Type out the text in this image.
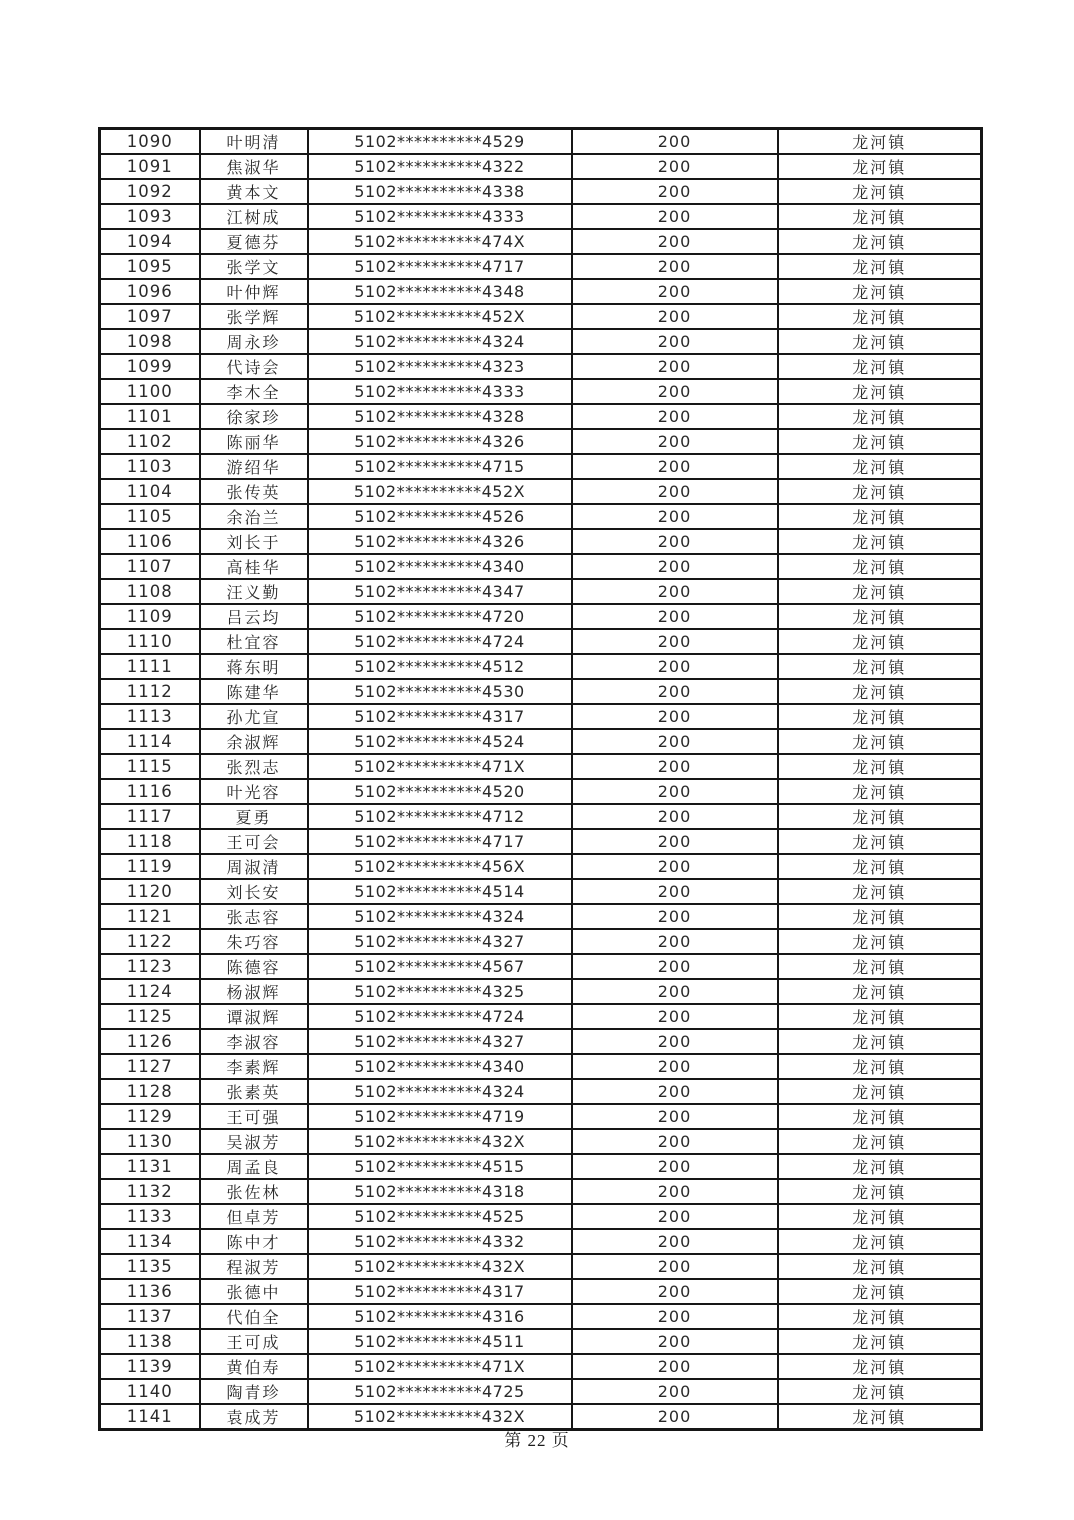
1090	叶明清	5102**********4529	200	龙河镇
1091	焦淑华	5102**********4322	200	龙河镇
1092	黄本文	5102**********4338	200	龙河镇
1093	江树成	5102**********4333	200	龙河镇
1094	夏德芬	5102**********474X	200	龙河镇
1095	张学文	5102**********4717	200	龙河镇
1096	叶仲辉	5102**********4348	200	龙河镇
1097	张学辉	5102**********452X	200	龙河镇
1098	周永珍	5102**********4324	200	龙河镇
1099	代诗会	5102**********4323	200	龙河镇
1100	李木全	5102**********4333	200	龙河镇
1101	徐家珍	5102**********4328	200	龙河镇
1102	陈丽华	5102**********4326	200	龙河镇
1103	游绍华	5102**********4715	200	龙河镇
1104	张传英	5102**********452X	200	龙河镇
1105	余治兰	5102**********4526	200	龙河镇
1106	刘长于	5102**********4326	200	龙河镇
1107	高桂华	5102**********4340	200	龙河镇
1108	汪义勤	5102**********4347	200	龙河镇
1109	吕云均	5102**********4720	200	龙河镇
1110	杜宜容	5102**********4724	200	龙河镇
1111	蒋东明	5102**********4512	200	龙河镇
1112	陈建华	5102**********4530	200	龙河镇
1113	孙尤宣	5102**********4317	200	龙河镇
1114	余淑辉	5102**********4524	200	龙河镇
1115	张烈志	5102**********471X	200	龙河镇
1116	叶光容	5102**********4520	200	龙河镇
1117	夏勇	5102**********4712	200	龙河镇
1118	王可会	5102**********4717	200	龙河镇
1119	周淑清	5102**********456X	200	龙河镇
1120	刘长安	5102**********4514	200	龙河镇
1121	张志容	5102**********4324	200	龙河镇
1122	朱巧容	5102**********4327	200	龙河镇
1123	陈德容	5102**********4567	200	龙河镇
1124	杨淑辉	5102**********4325	200	龙河镇
1125	谭淑辉	5102**********4724	200	龙河镇
1126	李淑容	5102**********4327	200	龙河镇
1127	李素辉	5102**********4340	200	龙河镇
1128	张素英	5102**********4324	200	龙河镇
1129	王可强	5102**********4719	200	龙河镇
1130	吴淑芳	5102**********432X	200	龙河镇
1131	周孟良	5102**********4515	200	龙河镇
1132	张佐林	5102**********4318	200	龙河镇
1133	但卓芳	5102**********4525	200	龙河镇
1134	陈中才	5102**********4332	200	龙河镇
1135	程淑芳	5102**********432X	200	龙河镇
1136	张德中	5102**********4317	200	龙河镇
1137	代伯全	5102**********4316	200	龙河镇
1138	王可成	5102**********4511	200	龙河镇
1139	黄伯寿	5102**********471X	200	龙河镇
1140	陶青珍	5102**********4725	200	龙河镇
1141	袁成芳	5102**********432X	200	龙河镇
第 22 页
